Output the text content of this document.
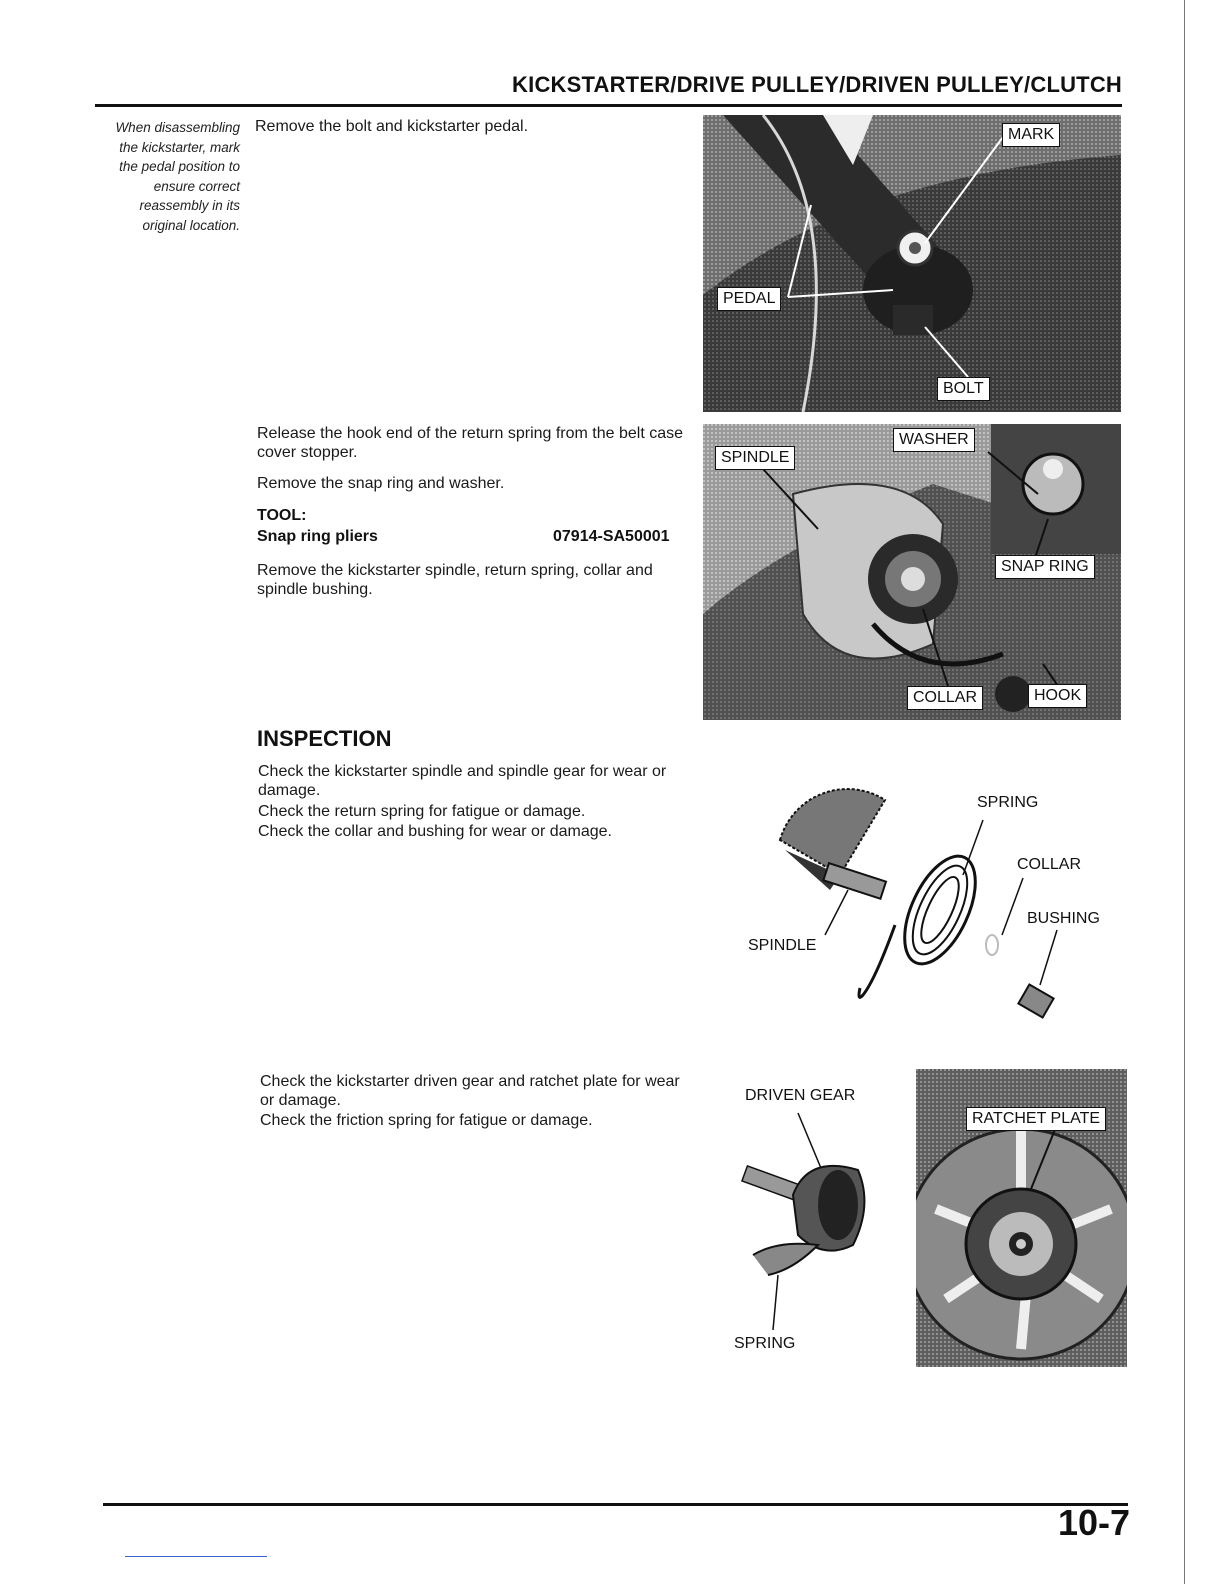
KICKSTARTER/DRIVE PULLEY/DRIVEN PULLEY/CLUTCH
When disassembling the kickstarter, mark the pedal position to ensure correct reassembly in its original location.
Remove the bolt and kickstarter pedal.	MARK
PEDAL
BOLT
Release the hook end of the return spring from the belt case cover stopper.
Remove the snap ring and washer.
TOOL:
Snap ring pliers	07914-SA50001
Remove the kickstarter spindle, return spring, collar and spindle bushing.
SPINDLE
WASHER
SNAP RING
COLLAR	HOOK
INSPECTION
Check the kickstarter spindle and spindle gear for wear or damage.
Check the return spring for fatigue or damage.
Check the collar and bushing for wear or damage.
SPRING
COLLAR
BUSHING
SPINDLE
Check the kickstarter driven gear and ratchet plate for wear or damage.
Check the friction spring for fatigue or damage.
DRIVEN GEAR
SPRING
RATCHET PLATE
10-7
